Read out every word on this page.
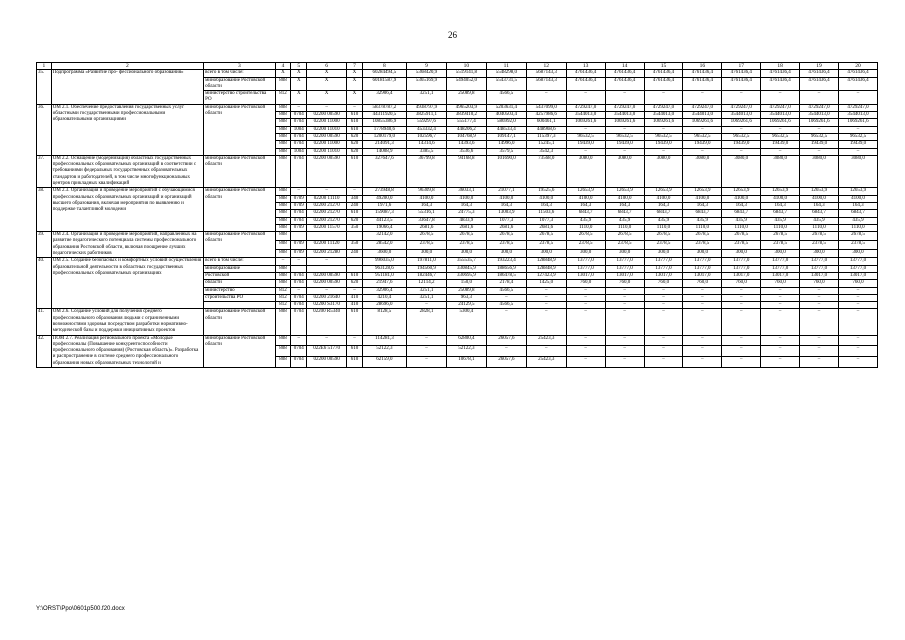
26
1	2	3	4	5	6	7	8	9	10	11	12	13	14	15	16	17	18	19	20
35.	Подпрограмма «Развитие про- фессионального образования»	всего в том числе:	Х	Х	Х	Х	60284494,5	5368420,9	5519141,8	5548298,0	5687143,3	4761436,4	4761436,4	4761436,4	4761436,4	4761436,4	4761436,4	4761436,4	4761436,4
		минобразование Ростовской области	808	Х	Х	Х	60181587,9	5365169,9	5494052,0	5543731,5	5687143,3	4761436,4	4761436,4	4761436,4	4761436,4	4761436,4	4761436,4	4761436,4	4761436,4
		министерство строительства РО	812	Х	Х	Х	32906,4	3251,1	25089,8	4566,5	–	–	–	–	–	–	–	–	–
36.	ОМ 2.1. Обеспечение предоставления государственных услуг областными государственными профессиональными образовательными организациями	минобразование Ростовской области	808	–	–	–	58378787,2	4938797,9	4965203,9	5203631,4	5437099,0	4729247,0	4729247,0	4729247,0	4729247,0	4729247,0	4729247,0	4729247,0	4729247,0
			808	0704	02200 00590	610	44311920,5	3825911,1	3839410,2	4040503,4	4257986,6	3544013,0	3544013,0	3544013,0	3544013,0	3544013,0	3544013,0	3544013,0	3544013,0
			808	0704	02200 11000	610	10855386,9	559297,6	555177,4	586992,0	600461,1	1069261,6	1069261,6	1069261,6	1069261,6	1069261,6	1069261,6	1069261,6	1069261,6
			808	1004	02200 11010	610	1778940,6	453332,4	448206,2	448533,4	448968,6	–	–	–	–	–	–	–	–
			808	0704	02200 00590	620	1200179,0	102596,7	104768,9	109147,1	115397,3	96532,5	96532,5	96532,5	96532,5	96532,5	96532,5	96532,5	96532,5
			808	0704	02200 11000	620	214091,3	14314,6	14393,6	14996,0	15245,1	19439,0	19439,0	19439,0	19439,0	19439,0	19439,0	19439,0	19439,0
			808	1004	02200 11010	620	14008,9	3385,5	3536,6	3579,5	3542,3	–	–	–	–	–	–	–	–
37.	ОМ 2.2. Оснащение (модернизация) областных государственных профессиональных образовательных организаций в соответствии с требованиями федеральных государственных образовательных стандартов и работодателей, в том числе многофункциональных центров прикладных квалификаций	минобразование Ростовской области	808	0704	02200 00590	610	327647,6	36799,8	94168,8	101690,0	73568,0	3080,0	3080,0	3080,0	3080,0	3080,0	3080,0	3080,0	3080,0
38.	ОМ 2.3. Организация и проведение мероприятий с обучающимися профессиональных образовательных организаций и организаций высшего образования, включая мероприятия по выявлению и поддержке талантливой молодежи	минобразование Ростовской области	808	–	–	–	273948,8	96309,8	36033,1	21077,1	19525,6	12653,9	12653,9	12653,9	12653,9	12653,9	12653,9	12653,9	12653,9
			808	0709	02200 11110	340	49200,0	4100,0	4100,0	4100,0	4100,0	4100,0	4100,0	4100,0	4100,0	4100,0	4100,0	4100,0	4100,0
			808	0709	02200 21270	240	1971,6	164,3	164,3	164,3	164,3	164,3	164,3	164,3	164,3	164,3	164,3	164,3	164,3
			808	0704	02200 21270	610	159087,3	55316,1	24775,3	13003,9	11503,6	6843,7	6843,7	6843,7	6843,7	6843,7	6843,7	6843,7	6843,7
			808	0704	02200 21270	620	44123,5	33647,8	4833,9	1077,3	1077,3	435,9	435,9	435,9	435,9	435,9	435,9	435,9	435,9
			808	0709	02200 11570	350	19066,4	2681,6	2681,6	2681,6	2681,6	1110,0	1110,0	1110,0	1110,0	1110,0	1110,0	1110,0	1110,0
39.	ОМ 2.4. Организация и проведение мероприятий, направленных на развитие педагогического потенциала системы профессионального образования Ростовской области, включая поощрение лучших педагогических работников	минобразование Ростовской области	808				32142,0	2678,5	2678,5	2678,5	2678,5	2678,5	2678,5	2678,5	2678,5	2678,5	2678,5	2678,5	2678,5
			808	0709	02200 11120	350	28542,0	2378,5	2378,5	2378,5	2378,5	2378,5	2378,5	2378,5	2378,5	2378,5	2378,5	2378,5	2378,5
			808	0709	02200 21280	240	3600,0	300,0	300,0	300,0	300,0	300,0	300,0	300,0	300,0	300,0	300,0	300,0	300,0
40.	ОМ 2.5. Создание безопасных и комфортных условий осуществления образовательной деятельности в областных государственных профессиональных образовательных организациях	всего в том числе:	–	–	–		996035,0	197811,0	355535,7	193223,4	128848,9	13777,0	13777,0	13777,0	13777,0	13777,0	13777,0	13777,0	13777,0
		минобразование	808				963128,6	194560,9	330845,9	188656,9	128848,9	13777,0	13777,0	13777,0	13777,0	13777,0	13777,0	13777,0	13777,0
		Ростовской	808	0704	02200 00590	610	951181,0	182446,7	330695,9	186478,5	127423,9	13017,0	13017,0	13017,0	13017,0	13017,0	13017,0	13017,0	13017,0
		области	808	0704	02200 00590	620	21947,6	12114,2	150,0	2178,4	1425,0	760,0	760,0	760,0	760,0	760,0	760,0	760,0	760,0
		министерство	812	–	–	–	32906,4	3251,1	25089,8	4566,5	–	–	–	–	–	–	–	–	–
		строительства РО	812	0704	02200 21640	410	4210,4	3251,1	963,3	–	–	–	–	–	–	–	–	–	–
			812	0704	02200 S3170	410	28696,0	–	24129,5	4566,5	–	–	–	–	–	–	–	–	–
41.	ОМ 2.6. Создание условий для получения среднего профессионального образования людьми с ограниченными возможностями здоровья посредством разработки нормативно-методической базы и поддержки инициативных проектов	минобразование Ростовской области	808	0704	02200 R5340	610	8128,5	2828,1	5300,4	–	–	–	–	–	–	–	–	–	–
42.	ПОМ 2.7. Реализация регионального проекта «Молодые профессионалы (Повышение конкурентоспособности профессионального образования) (Ростовская область)». Разработка и распространение в системе среднего профессионального образования новых образовательных технологий и	минобразование Ростовской области	808	–	–	–	114281,3	–	62800,4	26057,6	25423,3	–	–	–	–	–	–	–	–
			808	0704	022Е6 51770	610	52122,3	–	52122,3	–	–	–	–	–	–	–	–	–	–
			808	0704	02200 00590	610	62159,0	–	10678,1	26057,6	25423,3	–	–	–	–	–	–	–	–
Y:\ORST\Ppo\0601p500.f20.docx
